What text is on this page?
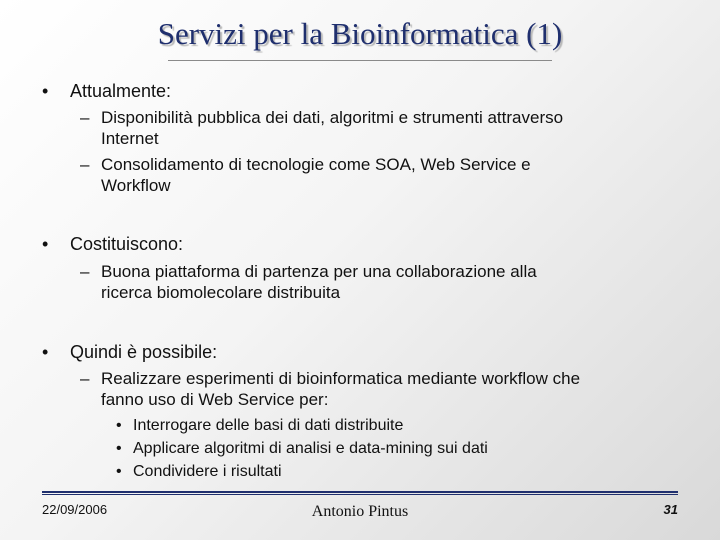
Servizi per la Bioinformatica (1)
• Attualmente:
– Disponibilità pubblica dei dati, algoritmi e strumenti attraverso
Internet
– Consolidamento di tecnologie come SOA, Web Service e
Workflow
• Costituiscono:
– Buona piattaforma di partenza per una collaborazione alla
ricerca biomolecolare distribuita
• Quindi è possibile:
– Realizzare esperimenti di bioinformatica mediante workflow che
fanno uso di Web Service per:
• Interrogare delle basi di dati distribuite
• Applicare algoritmi di analisi e data-mining sui dati
• Condividere i risultati
22/09/2006	Antonio Pintus	31
